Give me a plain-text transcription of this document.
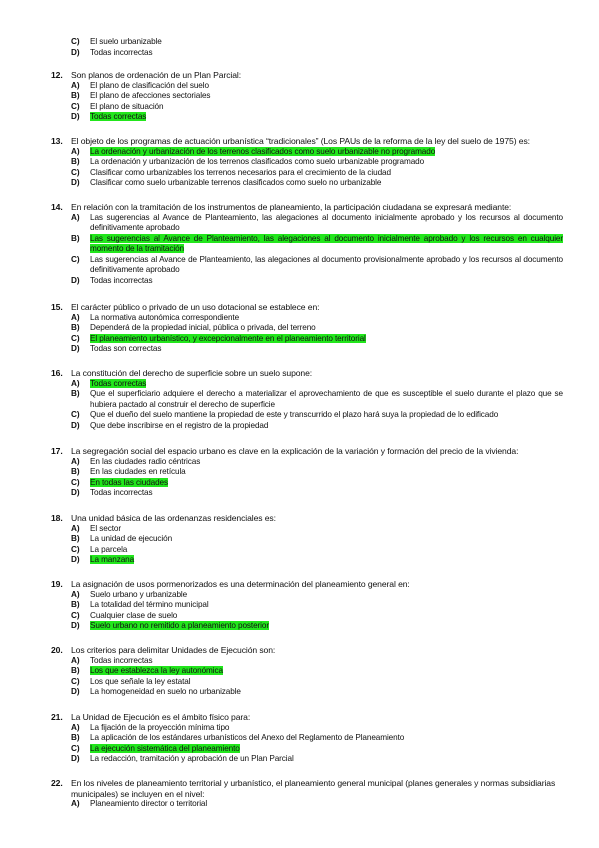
C) El suelo urbanizable
D) Todas incorrectas
12. Son planos de ordenación de un Plan Parcial:
A) El plano de clasificación del suelo
B) El plano de afecciones sectoriales
C) El plano de situación
D) Todas correctas
13. El objeto de los programas de actuación urbanística “tradicionales” (Los PAUs de la reforma de la ley del suelo de 1975) es:
A) La ordenación y urbanización de los terrenos clasificados como suelo urbanizable no programado
B) La ordenación y urbanización de los terrenos clasificados como suelo urbanizable programado
C) Clasificar como urbanizables los terrenos necesarios para el crecimiento de la ciudad
D) Clasificar como suelo urbanizable terrenos clasificados como suelo no urbanizable
14. En relación con la tramitación de los instrumentos de planeamiento, la participación ciudadana se expresará mediante:
A) Las sugerencias al Avance de Planteamiento, las alegaciones al documento inicialmente aprobado y los recursos al documento definitivamente aprobado
B) Las sugerencias al Avance de Planteamiento, las alegaciones al documento inicialmente aprobado y los recursos en cualquier momento de la tramitación
C) Las sugerencias al Avance de Planteamiento, las alegaciones al documento provisionalmente aprobado y los recursos al documento definitivamente aprobado
D) Todas incorrectas
15. El carácter público o privado de un uso dotacional se establece en:
A) La normativa autonómica correspondiente
B) Dependerá de la propiedad inicial, pública o privada, del terreno
C) El planeamiento urbanístico, y excepcionalmente en el planeamiento territorial
D) Todas son correctas
16. La constitución del derecho de superficie sobre un suelo supone:
A) Todas correctas
B) Que el superficiario adquiere el derecho a materializar el aprovechamiento de que es susceptible el suelo durante el plazo que se hubiera pactado al construir el derecho de superficie
C) Que el dueño del suelo mantiene la propiedad de este y transcurrido el plazo hará suya la propiedad de lo edificado
D) Que debe inscribirse en el registro de la propiedad
17. La segregación social del espacio urbano es clave en la explicación de la variación y formación del precio de la vivienda:
A) En las ciudades radio céntricas
B) En las ciudades en retícula
C) En todas las ciudades
D) Todas incorrectas
18. Una unidad básica de las ordenanzas residenciales es:
A) El sector
B) La unidad de ejecución
C) La parcela
D) La manzana
19. La asignación de usos pormenorizados es una determinación del planeamiento general en:
A) Suelo urbano y urbanizable
B) La totalidad del término municipal
C) Cualquier clase de suelo
D) Suelo urbano no remitido a planeamiento posterior
20. Los criterios para delimitar Unidades de Ejecución son:
A) Todas incorrectas
B) Los que establezca la ley autonómica
C) Los que señale la ley estatal
D) La homogeneidad en suelo no urbanizable
21. La Unidad de Ejecución es el ámbito físico para:
A) La fijación de la proyección mínima tipo
B) La aplicación de los estándares urbanísticos del Anexo del Reglamento de Planeamiento
C) La ejecución sistemática del planeamiento
D) La redacción, tramitación y aprobación de un Plan Parcial
22. En los niveles de planeamiento territorial y urbanístico, el planeamiento general municipal (planes generales y normas subsidiarias municipales) se incluyen en el nivel:
A) Planeamiento director o territorial
